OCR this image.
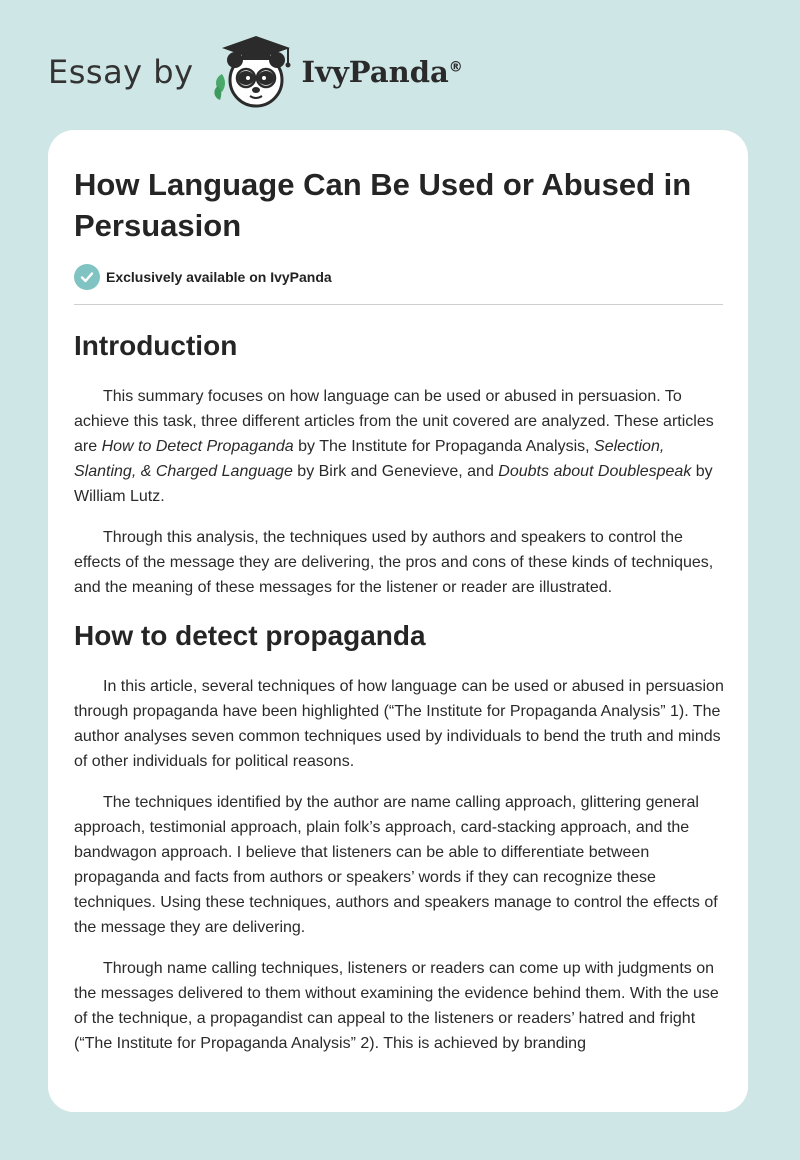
Essay by	IvyPanda®
How Language Can Be Used or Abused in Persuasion
Exclusively available on IvyPanda
Introduction

This summary focuses on how language can be used or abused in persuasion. To achieve this task, three different articles from the unit covered are analyzed. These articles are How to Detect Propaganda by The Institute for Propaganda Analysis, Selection, Slanting, & Charged Language by Birk and Genevieve, and Doubts about Doublespeak by William Lutz.

Through this analysis, the techniques used by authors and speakers to control the effects of the message they are delivering, the pros and cons of these kinds of techniques, and the meaning of these messages for the listener or reader are illustrated.

How to detect propaganda

In this article, several techniques of how language can be used or abused in persuasion through propaganda have been highlighted (“The Institute for Propaganda Analysis” 1). The author analyses seven common techniques used by individuals to bend the truth and minds of other individuals for political reasons.

The techniques identified by the author are name calling approach, glittering general approach, testimonial approach, plain folk’s approach, card-stacking approach, and the bandwagon approach. I believe that listeners can be able to differentiate between propaganda and facts from authors or speakers’ words if they can recognize these techniques. Using these techniques, authors and speakers manage to control the effects of the message they are delivering.

Through name calling techniques, listeners or readers can come up with judgments on the messages delivered to them without examining the evidence behind them. With the use of the technique, a propagandist can appeal to the listeners or readers’ hatred and fright (“The Institute for Propaganda Analysis” 2). This is achieved by branding
